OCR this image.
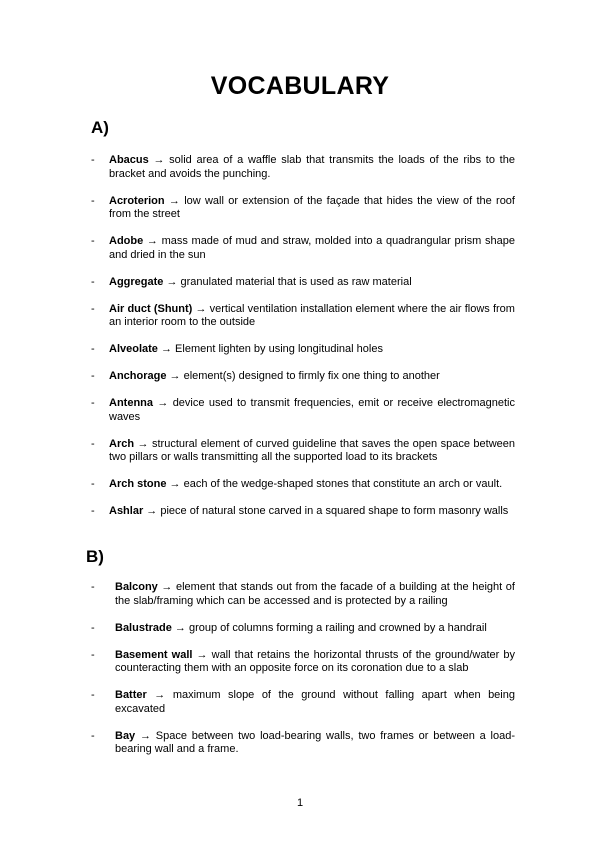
VOCABULARY
A)
- Abacus → solid area of a waffle slab that transmits the loads of the ribs to the bracket and avoids the punching.
- Acroterion → low wall or extension of the façade that hides the view of the roof from the street
- Adobe → mass made of mud and straw, molded into a quadrangular prism shape and dried in the sun
- Aggregate → granulated material that is used as raw material
- Air duct (Shunt) → vertical ventilation installation element where the air flows from an interior room to the outside
- Alveolate → Element lighten by using longitudinal holes
- Anchorage → element(s) designed to firmly fix one thing to another
- Antenna → device used to transmit frequencies, emit or receive electromagnetic waves
- Arch → structural element of curved guideline that saves the open space between two pillars or walls transmitting all the supported load to its brackets
- Arch stone → each of the wedge-shaped stones that constitute an arch or vault.
- Ashlar → piece of natural stone carved in a squared shape to form masonry walls
B)
- Balcony → element that stands out from the facade of a building at the height of the slab/framing which can be accessed and is protected by a railing
- Balustrade → group of columns forming a railing and crowned by a handrail
- Basement wall → wall that retains the horizontal thrusts of the ground/water by counteracting them with an opposite force on its coronation due to a slab
- Batter → maximum slope of the ground without falling apart when being excavated
- Bay → Space between two load-bearing walls, two frames or between a load-bearing wall and a frame.
1
